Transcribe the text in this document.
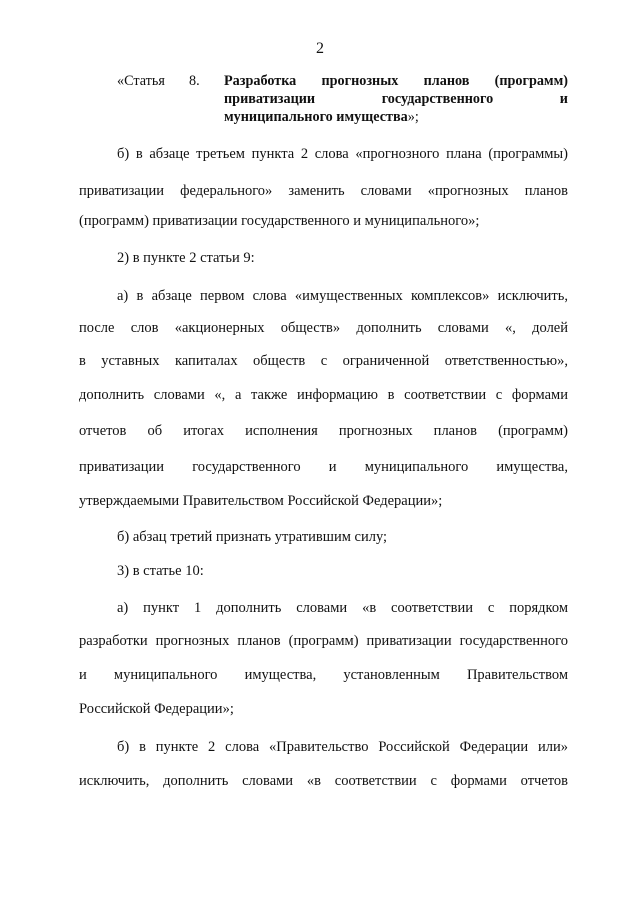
2
«Статья 8. Разработка прогнозных планов (программ)
приватизации государственного и
муниципального имущества»;
б) в абзаце третьем пункта 2 слова «прогнозного плана (программы)
приватизации федерального» заменить словами «прогнозных планов
(программ) приватизации государственного и муниципального»;
2) в пункте 2 статьи 9:
а) в абзаце первом слова «имущественных комплексов» исключить,
после слов «акционерных обществ» дополнить словами «, долей
в уставных капиталах обществ с ограниченной ответственностью»,
дополнить словами «, а также информацию в соответствии с формами
отчетов об итогах исполнения прогнозных планов (программ)
приватизации государственного и муниципального имущества,
утверждаемыми Правительством Российской Федерации»;
б) абзац третий признать утратившим силу;
3) в статье 10:
а) пункт 1 дополнить словами «в соответствии с порядком
разработки прогнозных планов (программ) приватизации государственного
и муниципального имущества, установленным Правительством
Российской Федерации»;
б) в пункте 2 слова «Правительство Российской Федерации или»
исключить, дополнить словами «в соответствии с формами отчетов
